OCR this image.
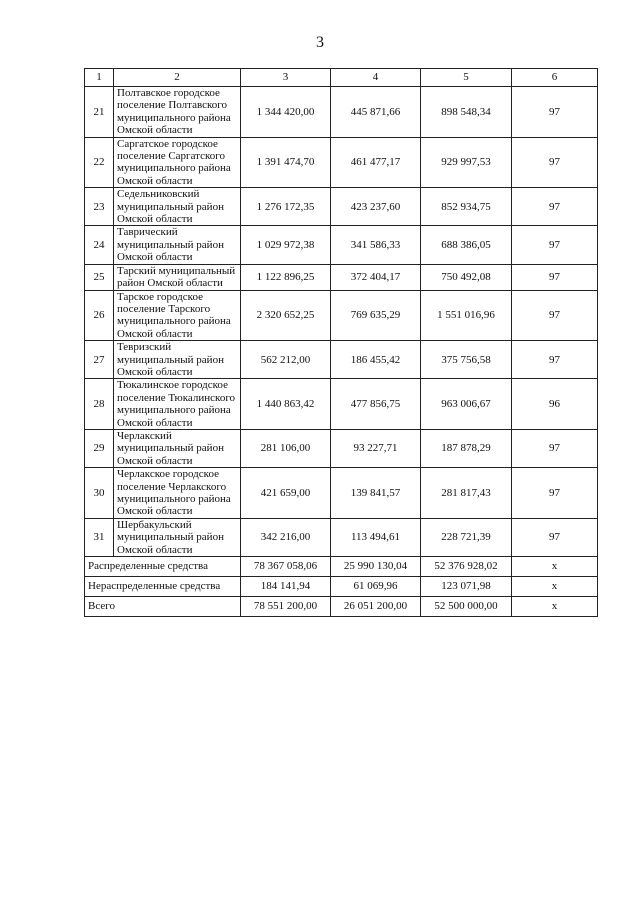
3
1	2	3	4	5	6
21	Полтавское городское поселение Полтавского муниципального района Омской области	1 344 420,00	445 871,66	898 548,34	97
22	Саргатское городское поселение Саргатского муниципального района Омской области	1 391 474,70	461 477,17	929 997,53	97
23	Седельниковский муниципальный район Омской области	1 276 172,35	423 237,60	852 934,75	97
24	Таврический муниципальный район Омской области	1 029 972,38	341 586,33	688 386,05	97
25	Тарский муниципальный район Омской области	1 122 896,25	372 404,17	750 492,08	97
26	Тарское городское поселение Тарского муниципального района Омской области	2 320 652,25	769 635,29	1 551 016,96	97
27	Тевризский муниципальный район Омской области	562 212,00	186 455,42	375 756,58	97
28	Тюкалинское городское поселение Тюкалинского муниципального района Омской области	1 440 863,42	477 856,75	963 006,67	96
29	Черлакский муниципальный район Омской области	281 106,00	93 227,71	187 878,29	97
30	Черлакское городское поселение Черлакского муниципального района Омской области	421 659,00	139 841,57	281 817,43	97
31	Шербакульский муниципальный район Омской области	342 216,00	113 494,61	228 721,39	97
Распределенные средства		78 367 058,06	25 990 130,04	52 376 928,02	x
Нераспределенные средства		184 141,94	61 069,96	123 071,98	x
Всего		78 551 200,00	26 051 200,00	52 500 000,00	x
